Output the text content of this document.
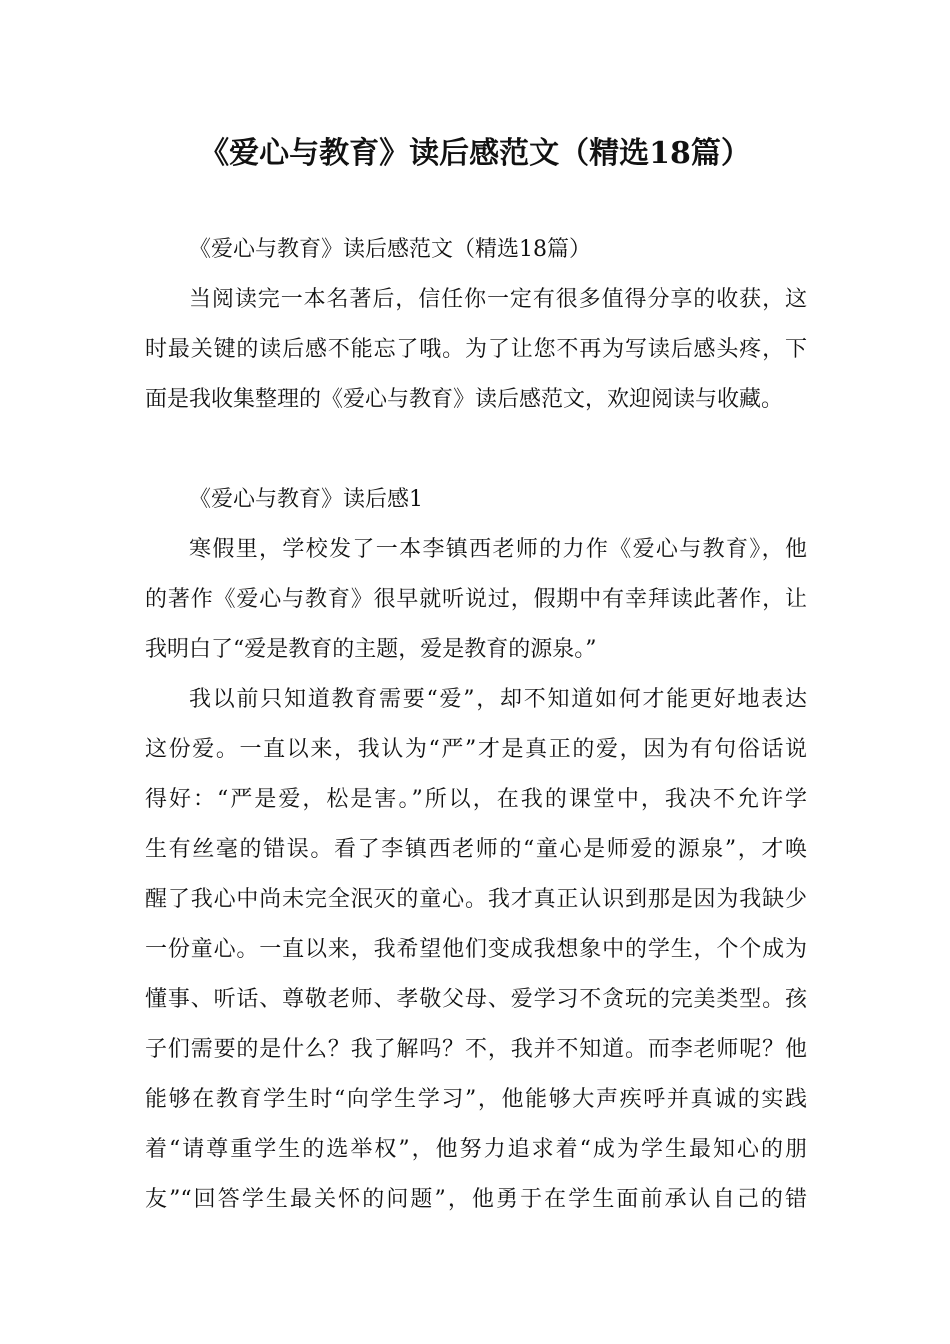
《爱心与教育》读后感范文（精选18篇）
《爱心与教育》读后感范文（精选18篇）
当阅读完一本名著后，信任你一定有很多值得分享的收获，这
时最关键的读后感不能忘了哦。为了让您不再为写读后感头疼，下
面是我收集整理的《爱心与教育》读后感范文，欢迎阅读与收藏。
《爱心与教育》读后感1
寒假里，学校发了一本李镇西老师的力作《爱心与教育》，他
的著作《爱心与教育》很早就听说过，假期中有幸拜读此著作，让
我明白了“爱是教育的主题，爱是教育的源泉。”
我以前只知道教育需要“爱”，却不知道如何才能更好地表达
这份爱。一直以来，我认为“严”才是真正的爱，因为有句俗话说
得好：“严是爱，松是害。”所以，在我的课堂中，我决不允许学
生有丝毫的错误。看了李镇西老师的“童心是师爱的源泉”，才唤
醒了我心中尚未完全泯灭的童心。我才真正认识到那是因为我缺少
一份童心。一直以来，我希望他们变成我想象中的学生，个个成为
懂事、听话、尊敬老师、孝敬父母、爱学习不贪玩的完美类型。孩
子们需要的是什么？我了解吗？不，我并不知道。而李老师呢？他
能够在教育学生时“向学生学习”，他能够大声疾呼并真诚的实践
着“请尊重学生的选举权”，他努力追求着“成为学生最知心的朋
友”“回答学生最关怀的问题”，他勇于在学生面前承认自己的错
